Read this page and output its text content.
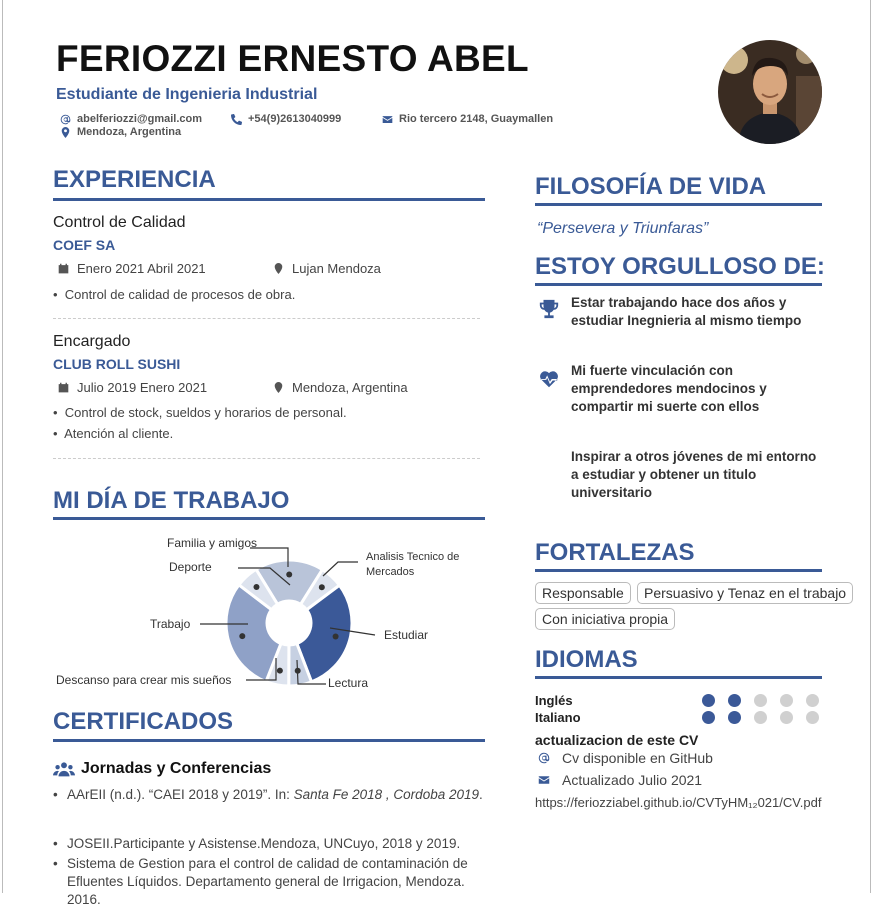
FERIOZZI ERNESTO ABEL
Estudiante de Ingenieria Industrial
abelferiozzi@gmail.com	+54(9)2613040999	Rio tercero 2148, Guaymallen
Mendoza, Argentina
EXPERIENCIA
Control de Calidad
COEF SA
Enero 2021 Abril 2021	Lujan Mendoza
•  Control de calidad de procesos de obra.
Encargado
CLUB ROLL SUSHI
Julio 2019 Enero 2021	Mendoza, Argentina
•  Control de stock, sueldos y horarios de personal.
•  Atención al cliente.
MI DÍA DE TRABAJO
Familia y amigos
Analisis Tecnico de Mercados
Estudiar
Lectura
Descanso para crear mis sueños
Trabajo
Deporte
CERTIFICADOS
Jornadas y Conferencias
• AArEII (n.d.). “CAEI 2018 y 2019”. In: Santa Fe 2018 , Cordoba 2019.
• JOSEII.Participante y Asistense.Mendoza, UNCuyo, 2018 y 2019.
• Sistema de Gestion para el control de calidad de contaminación de Efluentes Líquidos. Departamento general de Irrigacion, Mendoza. 2016.
FILOSOFÍA DE VIDA
“Persevera y Triunfaras”
ESTOY ORGULLOSO DE:
Estar trabajando hace dos años y estudiar Inegnieria al mismo tiempo
Mi fuerte vinculación con emprendedores mendocinos y compartir mi suerte con ellos
Inspirar a otros jóvenes de mi entorno a estudiar y obtener un titulo universitario
FORTALEZAS
Responsable	Persuasivo y Tenaz en el trabajo
Con iniciativa propia
IDIOMAS
Inglés
Italiano
actualizacion de este CV
Cv disponible en GitHub
Actualizado Julio 2021
https://feriozziabel.github.io/CVTyHM₁₂021/CV.pdf
